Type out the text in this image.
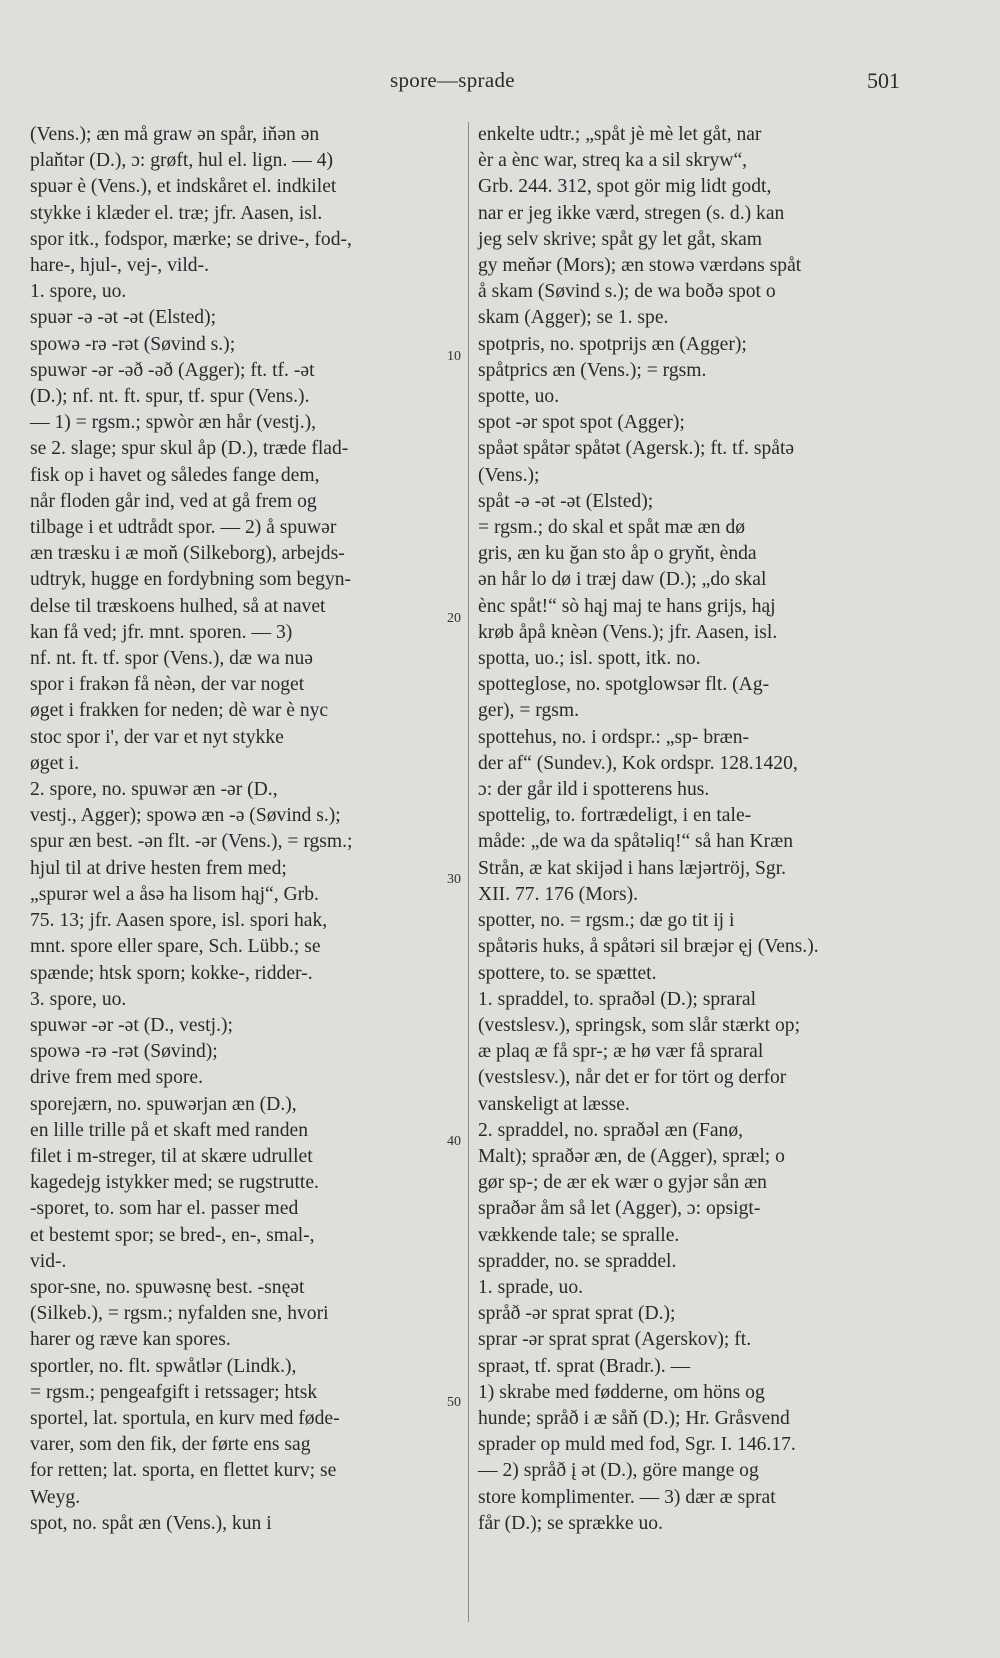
spore—sprade	501
(Vens.); æn må graw ən spår, iňən ən
plaňtər (D.), ɔ: grøft, hul el. lign. — 4)
spuər è (Vens.), et indskåret el. indkilet
stykke i klæder el. træ; jfr. Aasen, isl.
spor itk., fodspor, mærke; se drive-, fod-,
hare-, hjul-, vej-, vild-.
1. spore, uo.
spuər -ə -ət -ət (Elsted);
spowə -rə -rət (Søvind s.);
spuwər -ər -əð -əð (Agger); ft. tf. -ət
(D.); nf. nt. ft. spur, tf. spur (Vens.).
— 1) = rgsm.; spwòr æn hår (vestj.),
se 2. slage; spur skul åp (D.), træde flad-
fisk op i havet og således fange dem,
når floden går ind, ved at gå frem og
tilbage i et udtrådt spor. — 2) å spuwər
æn træsku i æ moň (Silkeborg), arbejds-
udtryk, hugge en fordybning som begyn-
delse til træskoens hulhed, så at navet
kan få ved; jfr. mnt. sporen. — 3)
nf. nt. ft. tf. spor (Vens.), dæ wa nuə
spor i frakən få nèən, der var noget
øget i frakken for neden; dè war è nyc
stoc spor i', der var et nyt stykke
øget i.
2. spore, no. spuwər æn -ər (D.,
vestj., Agger); spowə æn -ə (Søvind s.);
spur æn best. -ən flt. -ər (Vens.), = rgsm.;
hjul til at drive hesten frem med;
„spurər wel a åsə ha lisom hąj“, Grb.
75. 13; jfr. Aasen spore, isl. spori hak,
mnt. spore eller spare, Sch. Lübb.; se
spænde; htsk sporn; kokke-, ridder-.
3. spore, uo.
spuwər -ər -ət (D., vestj.);
spowə -rə -rət (Søvind);
drive frem med spore.
sporejærn, no. spuwərjan æn (D.),
en lille trille på et skaft med randen
filet i m-streger, til at skære udrullet
kagedejg istykker med; se rugstrutte.
-sporet, to. som har el. passer med
et bestemt spor; se bred-, en-, smal-,
vid-.
spor-sne, no. spuwəsnę best. -snęət
(Silkeb.), = rgsm.; nyfalden sne, hvori
harer og ræve kan spores.
sportler, no. flt. spwåtlər (Lindk.),
= rgsm.; pengeafgift i retssager; htsk
sportel, lat. sportula, en kurv med føde-
varer, som den fik, der førte ens sag
for retten; lat. sporta, en flettet kurv; se
Weyg.
spot, no. spåt æn (Vens.), kun i
enkelte udtr.; „spåt jè mè let gåt, nar
èr a ènc war, streq ka a sil skryw“,
Grb. 244. 312, spot gör mig lidt godt,
nar er jeg ikke værd, stregen (s. d.) kan
jeg selv skrive; spåt gy let gåt, skam
gy meňər (Mors); æn stowə værdəns spåt
å skam (Søvind s.); de wa boðə spot o
skam (Agger); se 1. spe.
spotpris, no. spotprijs æn (Agger);
spåtprics æn (Vens.); = rgsm.
spotte, uo.
spot -ər spot spot (Agger);
spåət spåtər spåtət (Agersk.); ft. tf. spåtə
(Vens.);
spåt -ə -ət -ət (Elsted);
= rgsm.; do skal et spåt mæ æn dø
gris, æn ku ğan sto åp o gryňt, ènda
ən hår lo dø i træj daw (D.); „do skal
ènc spåt!“ sò hąj maj te hans grijs, hąj
krøb åpå knèən (Vens.); jfr. Aasen, isl.
spotta, uo.; isl. spott, itk. no.
spotteglose, no. spotglowsər flt. (Ag-
ger), = rgsm.
spottehus, no. i ordspr.: „sp- bræn-
der af“ (Sundev.), Kok ordspr. 128.1420,
ɔ: der går ild i spotterens hus.
spottelig, to. fortrædeligt, i en tale-
måde: „de wa da spåtəliq!“ så han Kræn
Strån, æ kat skijəd i hans læjərtröj, Sgr.
XII. 77. 176 (Mors).
spotter, no. = rgsm.; dæ go tit ij i
spåtəris huks, å spåtəri sil bræjər ęj (Vens.).
spottere, to. se spættet.
1. spraddel, to. spraðəl (D.); spraral
(vestslesv.), springsk, som slår stærkt op;
æ plaq æ få spr-; æ hø vær få spraral
(vestslesv.), når det er for tört og derfor
vanskeligt at læsse.
2. spraddel, no. spraðəl æn (Fanø,
Malt); spraðər æn, de (Agger), spræl; o
gør sp-; de ær ek wær o gyjər sån æn
spraðər åm så let (Agger), ɔ: opsigt-
vækkende tale; se spralle.
spradder, no. se spraddel.
1. sprade, uo.
språð -ər sprat sprat (D.);
sprar -ər sprat sprat (Agerskov); ft.
spraət, tf. sprat (Bradr.). —
1) skrabe med fødderne, om höns og
hunde; språð i æ såň (D.); Hr. Gråsvend
sprader op muld med fod, Sgr. I. 146.17.
— 2) språð į ət (D.), göre mange og
store komplimenter. — 3) dær æ sprat
får (D.); se sprække uo.
10
20
30
40
50
